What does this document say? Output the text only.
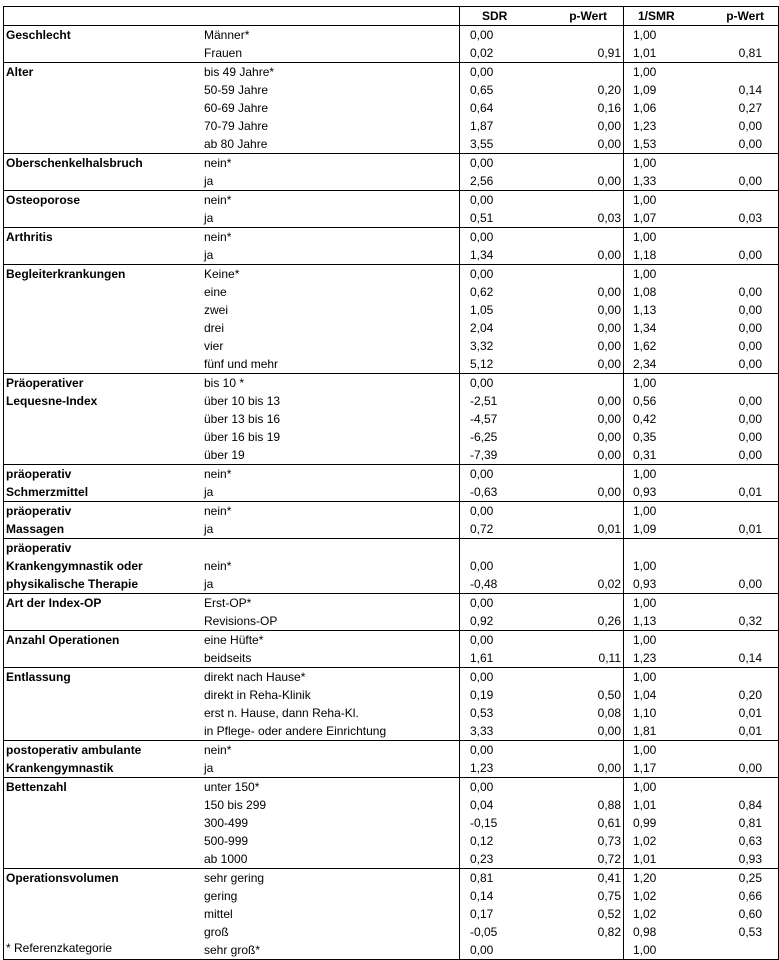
		SDR	p-Wert	1/SMR	p-Wert
Geschlecht	Männer*	0,00		1,00	
	Frauen	0,02	0,91	1,01	0,81
Alter	bis 49 Jahre*	0,00		1,00	
	50-59 Jahre	0,65	0,20	1,09	0,14
	60-69 Jahre	0,64	0,16	1,06	0,27
	70-79 Jahre	1,87	0,00	1,23	0,00
	ab 80 Jahre	3,55	0,00	1,53	0,00
Oberschenkelhalsbruch	nein*	0,00		1,00	
	ja	2,56	0,00	1,33	0,00
Osteoporose	nein*	0,00		1,00	
	ja	0,51	0,03	1,07	0,03
Arthritis	nein*	0,00		1,00	
	ja	1,34	0,00	1,18	0,00
Begleiterkrankungen	Keine*	0,00		1,00	
	eine	0,62	0,00	1,08	0,00
	zwei	1,05	0,00	1,13	0,00
	drei	2,04	0,00	1,34	0,00
	vier	3,32	0,00	1,62	0,00
	fünf und mehr	5,12	0,00	2,34	0,00
Präoperativer	bis 10 *	0,00		1,00	
Lequesne-Index	über 10 bis 13	-2,51	0,00	0,56	0,00
	über 13 bis 16	-4,57	0,00	0,42	0,00
	über 16 bis 19	-6,25	0,00	0,35	0,00
	über 19	-7,39	0,00	0,31	0,00
präoperativ	nein*	0,00		1,00	
Schmerzmittel	ja	-0,63	0,00	0,93	0,01
präoperativ	nein*	0,00		1,00	
Massagen	ja	0,72	0,01	1,09	0,01
präoperativ					
Krankengymnastik oder	nein*	0,00		1,00	
physikalische Therapie	ja	-0,48	0,02	0,93	0,00
Art der Index-OP	Erst-OP*	0,00		1,00	
	Revisions-OP	0,92	0,26	1,13	0,32
Anzahl Operationen	eine Hüfte*	0,00		1,00	
	beidseits	1,61	0,11	1,23	0,14
Entlassung	direkt nach Hause*	0,00		1,00	
	direkt in Reha-Klinik	0,19	0,50	1,04	0,20
	erst n. Hause, dann Reha-Kl.	0,53	0,08	1,10	0,01
	in Pflege- oder andere Einrichtung	3,33	0,00	1,81	0,01
postoperativ ambulante	nein*	0,00		1,00	
Krankengymnastik	ja	1,23	0,00	1,17	0,00
Bettenzahl	unter 150*	0,00		1,00	
	150 bis 299	0,04	0,88	1,01	0,84
	300-499	-0,15	0,61	0,99	0,81
	500-999	0,12	0,73	1,02	0,63
	ab 1000	0,23	0,72	1,01	0,93
Operationsvolumen	sehr gering	0,81	0,41	1,20	0,25
	gering	0,14	0,75	1,02	0,66
	mittel	0,17	0,52	1,02	0,60
	groß	-0,05	0,82	0,98	0,53
	sehr groß*	0,00		1,00	
* Referenzkategorie
